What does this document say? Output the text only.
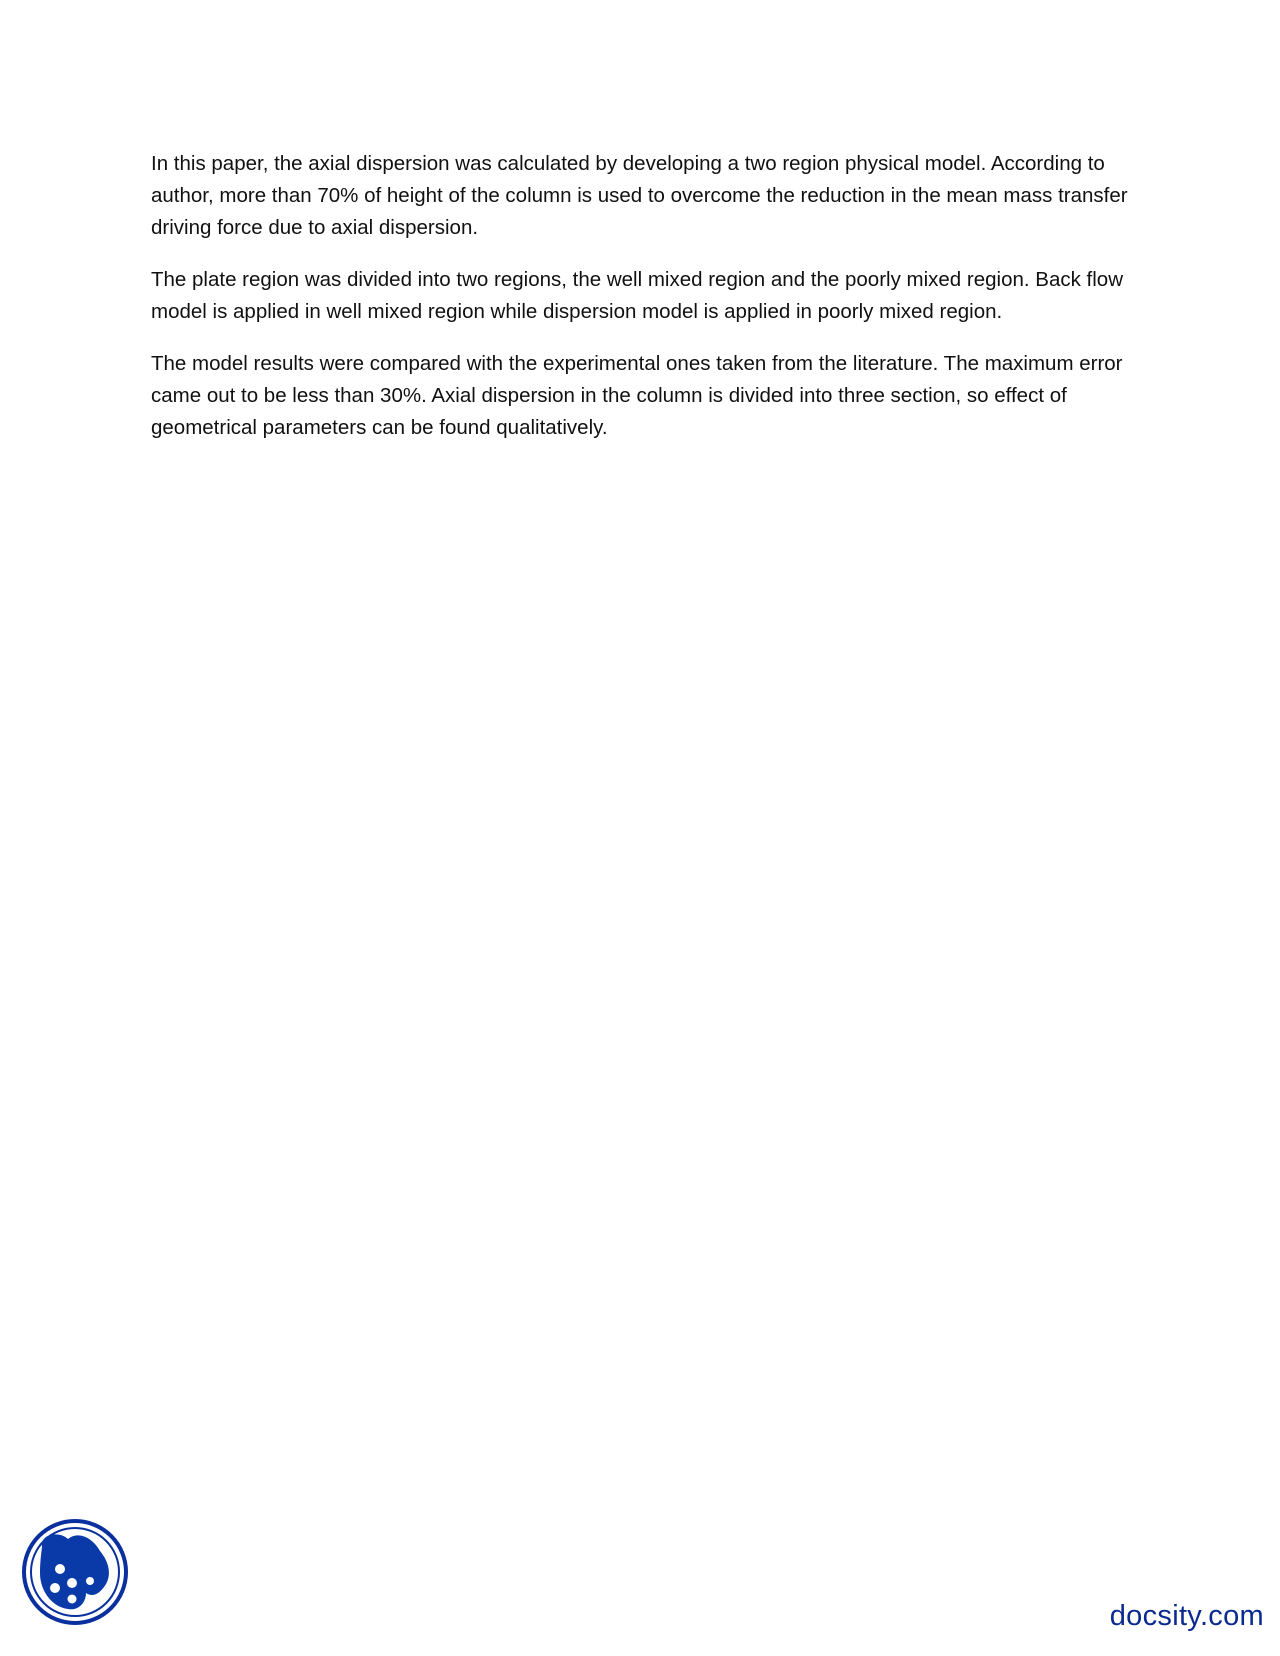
In this paper, the axial dispersion was calculated by developing a two region physical model. According to author, more than 70% of height of the column is used to overcome the reduction in the mean mass transfer driving force due to axial dispersion.

The plate region was divided into two regions, the well mixed region and the poorly mixed region. Back flow model is applied in well mixed region while dispersion model is applied in poorly mixed region.

The model results were compared with the experimental ones taken from the literature. The maximum error came out to be less than 30%. Axial dispersion in the column is divided into three section, so effect of geometrical parameters can be found qualitatively.

docsity.com
